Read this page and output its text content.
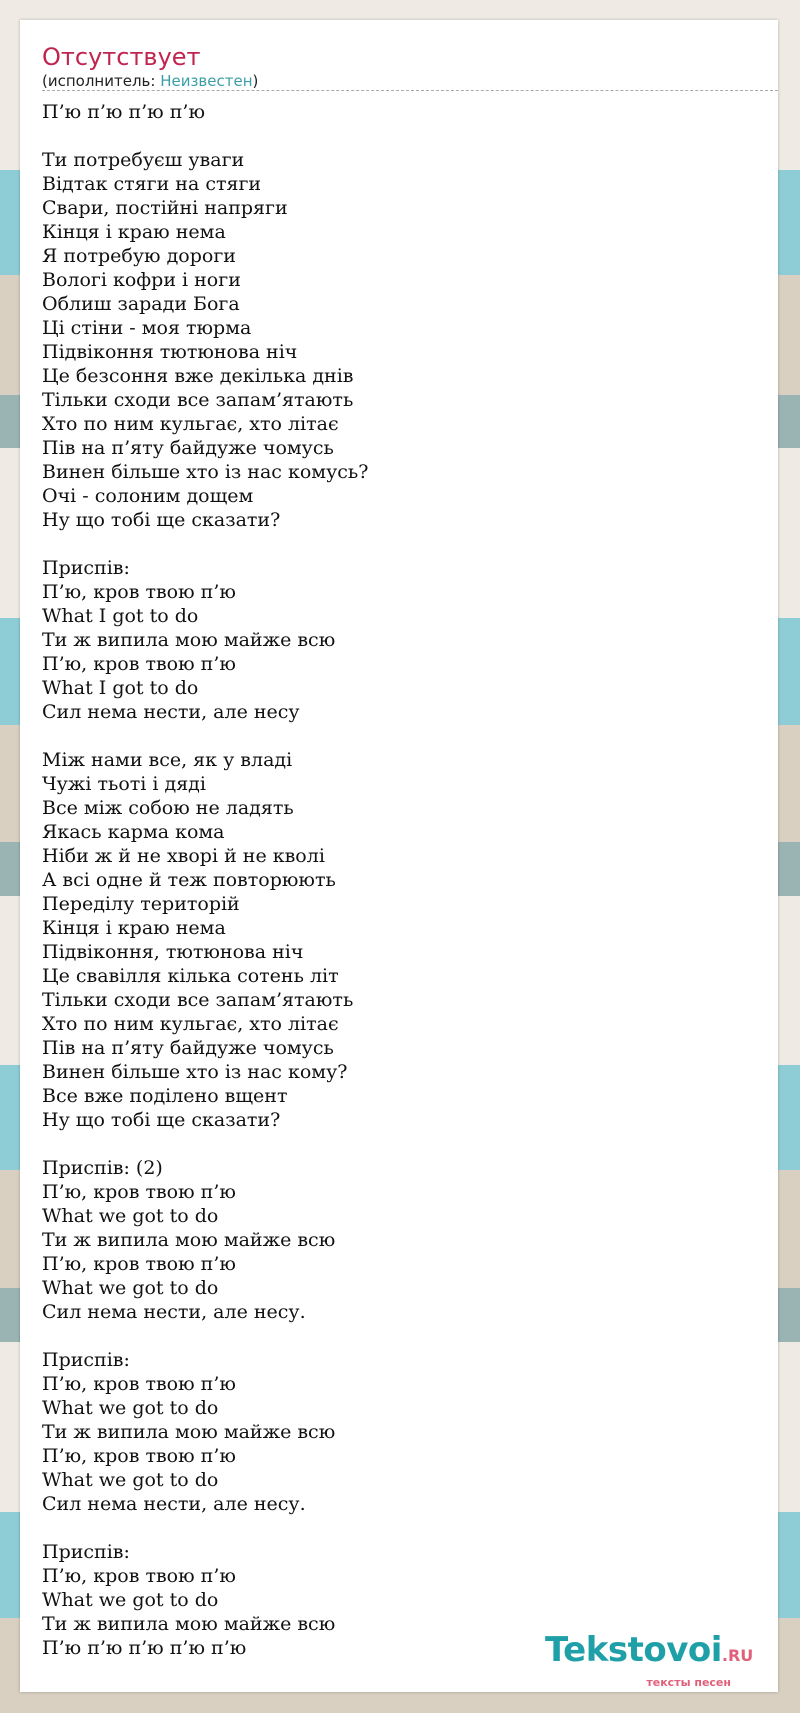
Отсутствует
(исполнитель: Неизвестен)
П’ю п’ю п’ю п’ю
Ти потребуєш уваги
Відтак стяги на стяги
Свари, постійні напряги
Кінця і краю нема
Я потребую дороги
Вологі кофри і ноги
Облиш заради Бога
Ці стіни - моя тюрма
Підвіконня тютюнова ніч
Це безсоння вже декілька днів
Тільки сходи все запам’ятають
Хто по ним кульгає, хто літає
Пів на п’яту байдуже чомусь
Винен більше хто із нас комусь?
Очі - солоним дощем
Ну що тобі ще сказати?
Приспів:
П’ю, кров твою п’ю
What I got to do
Ти ж випила мою майже всю
П’ю, кров твою п’ю
What I got to do
Сил нема нести, але несу
Між нами все, як у владі
Чужі тьоті і дяді
Все між собою не ладять
Якась карма кома
Ніби ж й не хворі й не кволі
А всі одне й теж повторюють
Переділу територій
Кінця і краю нема
Підвіконня, тютюнова ніч
Це свавілля кілька сотень літ
Тільки сходи все запам’ятають
Хто по ним кульгає, хто літає
Пів на п’яту байдуже чомусь
Винен більше хто із нас кому?
Все вже поділено вщент
Ну що тобі ще сказати?
Приспів: (2)
П’ю, кров твою п’ю
What we got to do
Ти ж випила мою майже всю
П’ю, кров твою п’ю
What we got to do
Сил нема нести, але несу.
Приспів:
П’ю, кров твою п’ю
What we got to do
Ти ж випила мою майже всю
П’ю, кров твою п’ю
What we got to do
Сил нема нести, але несу.
Приспів:
П’ю, кров твою п’ю
What we got to do
Ти ж випила мою майже всю
П’ю п’ю п’ю п’ю п’ю	Tekstovoi.RU
тексты песен
